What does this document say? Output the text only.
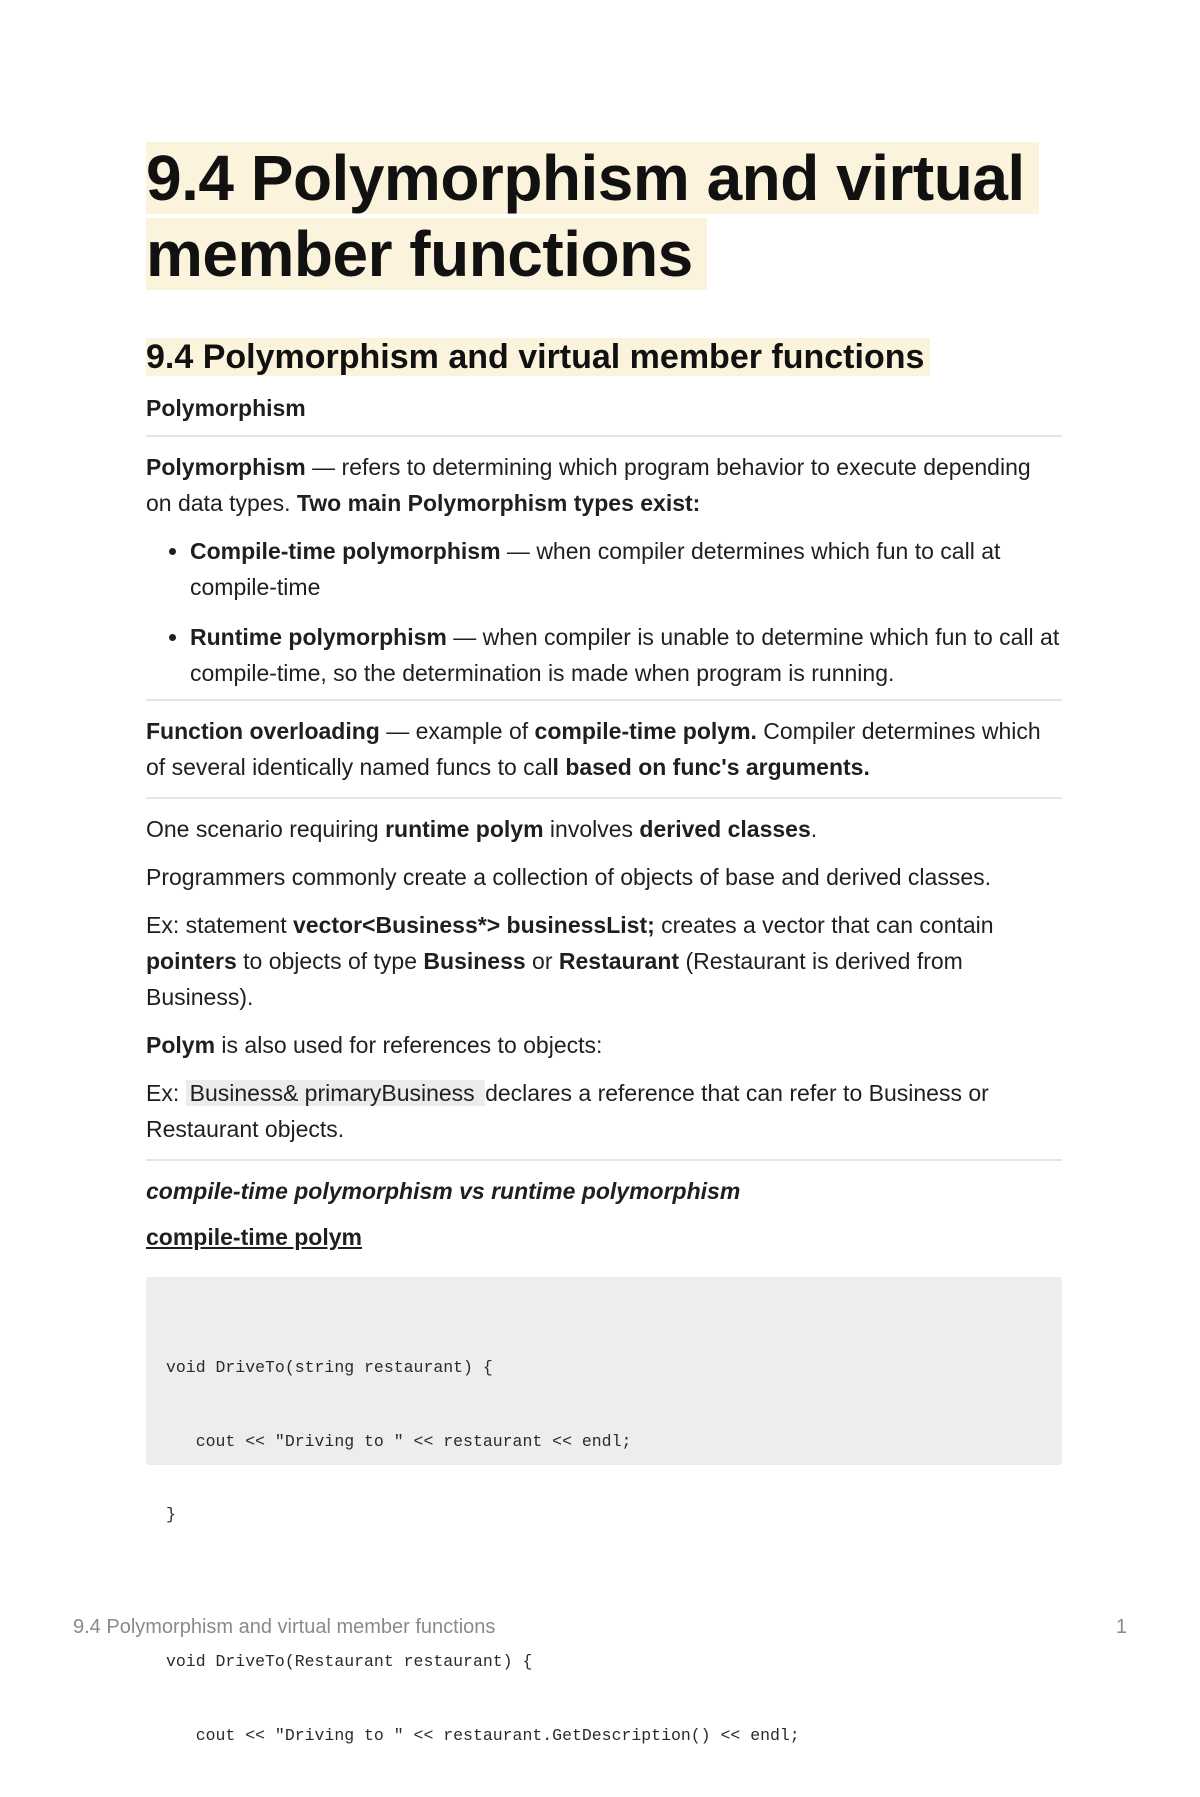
9.4 Polymorphism and virtual
member functions
9.4 Polymorphism and virtual member functions
Polymorphism

Polymorphism — refers to determining which program behavior to execute depending on data types. Two main Polymorphism types exist:

• Compile-time polymorphism — when compiler determines which fun to call at compile-time
• Runtime polymorphism — when compiler is unable to determine which fun to call at compile-time, so the determination is made when program is running.

Function overloading — example of compile-time polym. Compiler determines which of several identically named funcs to call based on func's arguments.

One scenario requiring runtime polym involves derived classes.

Programmers commonly create a collection of objects of base and derived classes.

Ex: statement vector<Business*> businessList; creates a vector that can contain pointers to objects of type Business or Restaurant (Restaurant is derived from Business).

Polym is also used for references to objects:

Ex: Business& primaryBusiness declares a reference that can refer to Business or Restaurant objects.

compile-time polymorphism vs runtime polymorphism
compile-time polym

void DriveTo(string restaurant) {

cout << "Driving to " << restaurant << endl;

}

void DriveTo(Restaurant restaurant) {

cout << "Driving to " << restaurant.GetDescription() << endl;

9.4 Polymorphism and virtual member functions	1
